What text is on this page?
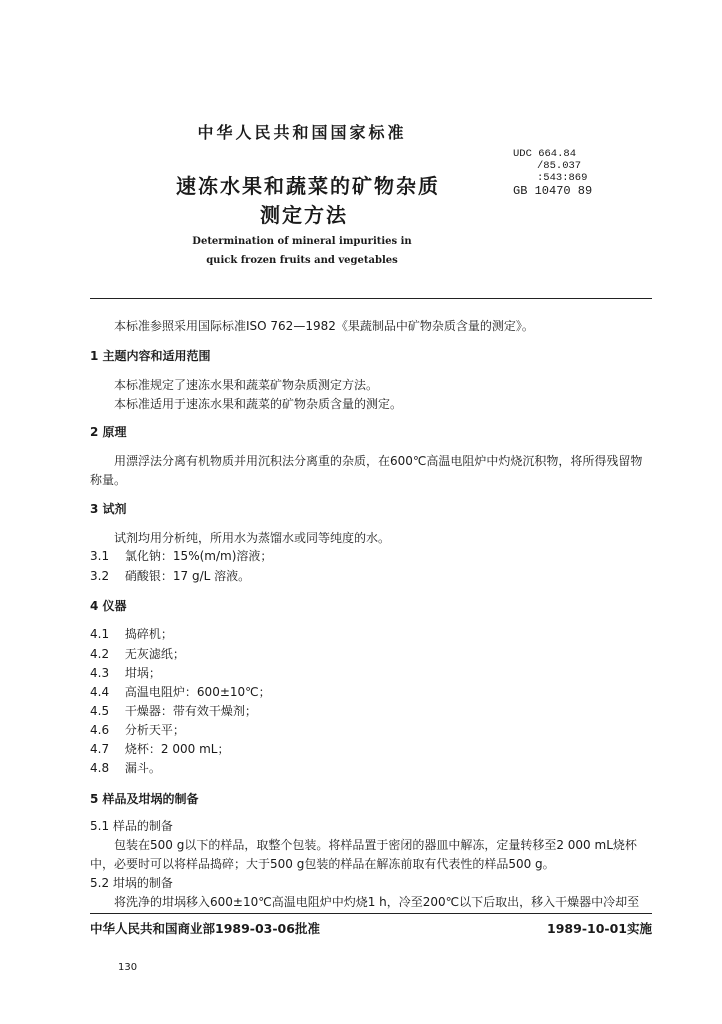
中华人民共和国国家标准
UDC 664.84
/85.037
:543:869
GB 10470 89
速冻水果和蔬菜的矿物杂质
测定方法
Determination of mineral impurities in
quick frozen fruits and vegetables
本标准参照采用国际标准ISO 762—1982《果蔬制品中矿物杂质含量的测定》。
1 主题内容和适用范围
本标准规定了速冻水果和蔬菜矿物杂质测定方法。
本标准适用于速冻水果和蔬菜的矿物杂质含量的测定。
2 原理
用漂浮法分离有机物质并用沉积法分离重的杂质，在600℃高温电阻炉中灼烧沉积物，将所得残留物称量。
3 试剂
试剂均用分析纯，所用水为蒸馏水或同等纯度的水。
3.1 氯化钠：15%(m/m)溶液；
3.2 硝酸银：17 g/L 溶液。
4 仪器
4.1 捣碎机；
4.2 无灰滤纸；
4.3 坩埚；
4.4 高温电阻炉：600±10℃；
4.5 干燥器：带有效干燥剂；
4.6 分析天平；
4.7 烧杯：2 000 mL；
4.8 漏斗。
5 样品及坩埚的制备
5.1 样品的制备
包装在500 g以下的样品，取整个包装。将样品置于密闭的器皿中解冻，定量转移至2 000 mL烧杯中，必要时可以将样品捣碎；大于500 g包装的样品在解冻前取有代表性的样品500 g。
5.2 坩埚的制备
将洗净的坩埚移入600±10℃高温电阻炉中灼烧1 h，冷至200℃以下后取出，移入干燥器中冷却至
中华人民共和国商业部1989-03-06批准	1989-10-01实施
130
